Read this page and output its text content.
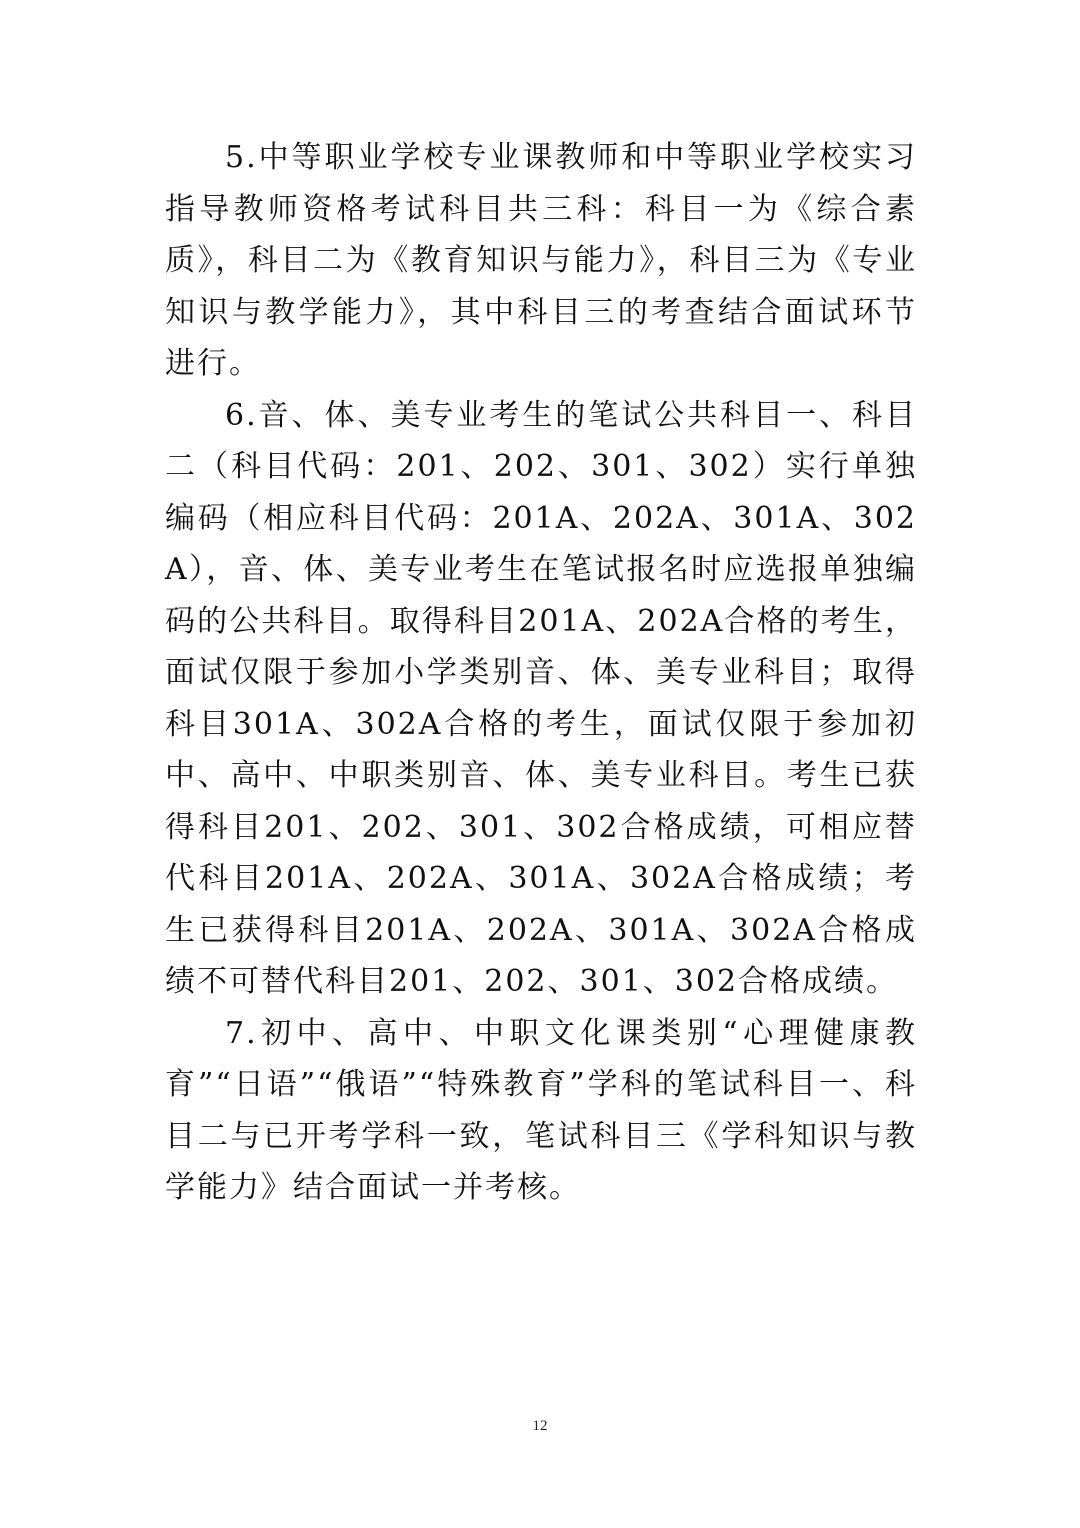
5.中等职业学校专业课教师和中等职业学校实习指导教师资格考试科目共三科：科目一为《综合素质》，科目二为《教育知识与能力》，科目三为《专业知识与教学能力》，其中科目三的考查结合面试环节进行。

6.音、体、美专业考生的笔试公共科目一、科目二（科目代码：201、202、301、302）实行单独编码（相应科目代码：201A、202A、301A、302A），音、体、美专业考生在笔试报名时应选报单独编码的公共科目。取得科目201A、202A合格的考生，面试仅限于参加小学类别音、体、美专业科目；取得科目301A、302A合格的考生，面试仅限于参加初中、高中、中职类别音、体、美专业科目。考生已获得科目201、202、301、302合格成绩，可相应替代科目201A、202A、301A、302A合格成绩；考生已获得科目201A、202A、301A、302A合格成绩不可替代科目201、202、301、302合格成绩。

7.初中、高中、中职文化课类别“心理健康教育”“日语”“俄语”“特殊教育”学科的笔试科目一、科目二与已开考学科一致，笔试科目三《学科知识与教学能力》结合面试一并考核。

12
